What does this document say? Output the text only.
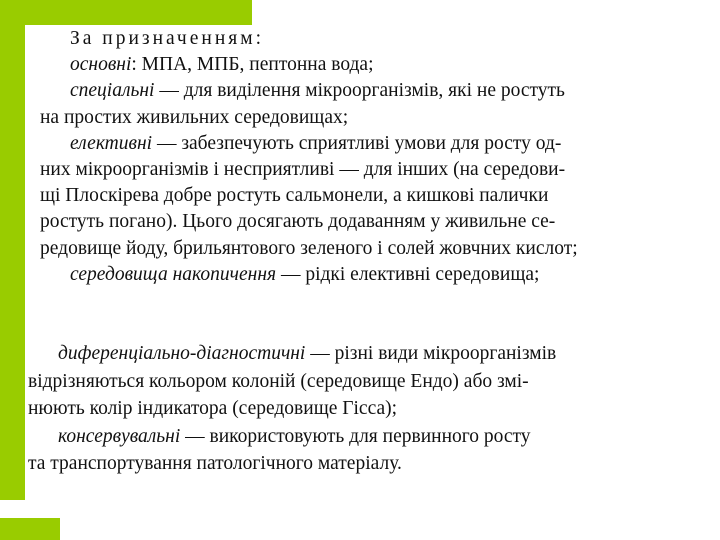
За призначенням:
основні: МПА, МПБ, пептонна вода;
спеціальні — для виділення мікроорганізмів, які не ростуть
на простих живильних середовищах;
елективні — забезпечують сприятливі умови для росту од-
них мікроорганізмів і несприятливі — для інших (на середови-
щі Плоскірева добре ростуть сальмонели, а кишкові палички
ростуть погано). Цього досягають додаванням у живильне се-
редовище йоду, брильянтового зеленого і солей жовчних кислот;
середовища накопичення — рідкі елективні середовища;
диференціально-діагностичні — різні види мікроорганізмів
відрізняються кольором колоній (середовище Ендо) або змі-
нюють колір індикатора (середовище Гісса);
консервувальні — використовують для первинного росту
та транспортування патологічного матеріалу.
